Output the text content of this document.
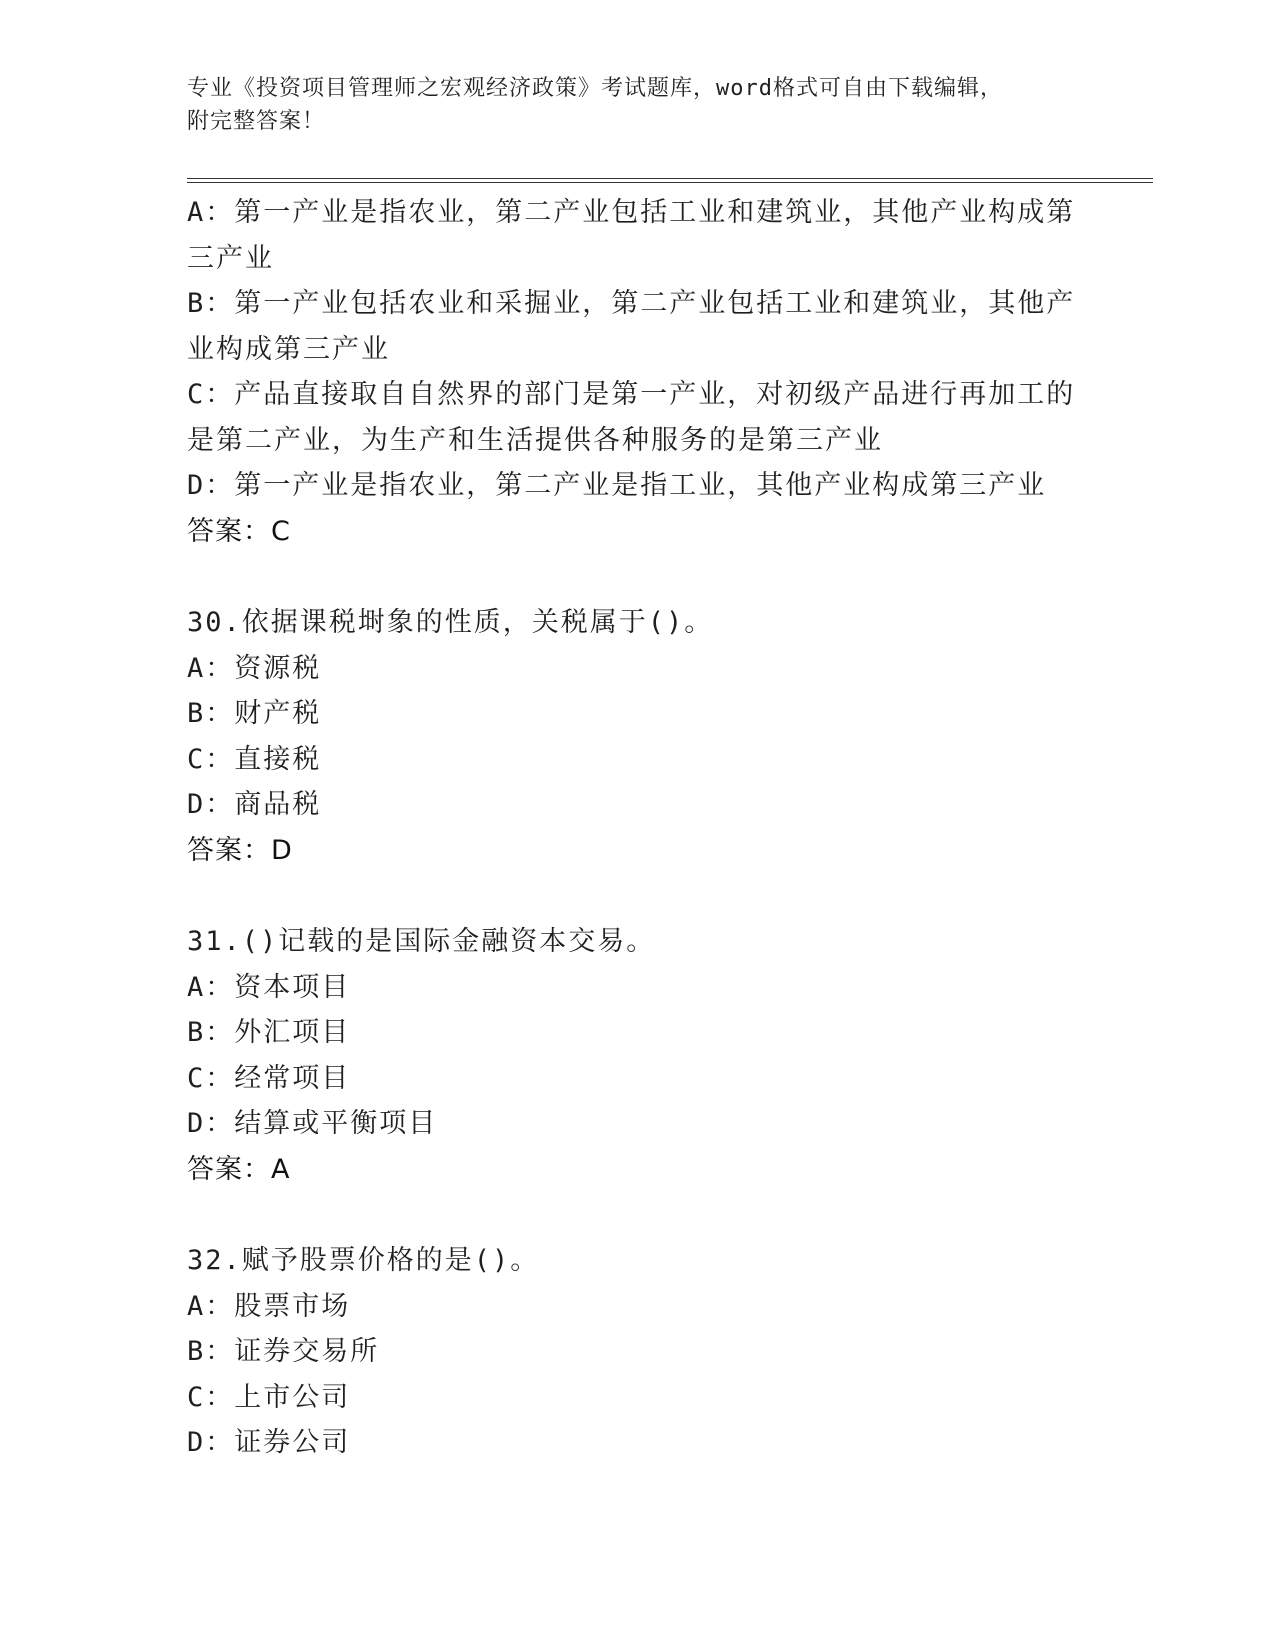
专业《投资项目管理师之宏观经济政策》考试题库，word格式可自由下载编辑，
附完整答案！

A：第一产业是指农业，第二产业包括工业和建筑业，其他产业构成第

三产业

B：第一产业包括农业和采掘业，第二产业包括工业和建筑业，其他产

业构成第三产业

C：产品直接取自自然界的部门是第一产业，对初级产品进行再加工的

是第二产业，为生产和生活提供各种服务的是第三产业

D：第一产业是指农业，第二产业是指工业，其他产业构成第三产业

答案：C

30.依据课税埘象的性质，关税属于()。

A：资源税

B：财产税

C：直接税

D：商品税

答案：D

31.()记载的是国际金融资本交易。

A：资本项目

B：外汇项目

C：经常项目

D：结算或平衡项目

答案：A

32.赋予股票价格的是()。

A：股票市场

B：证券交易所

C：上市公司

D：证券公司
